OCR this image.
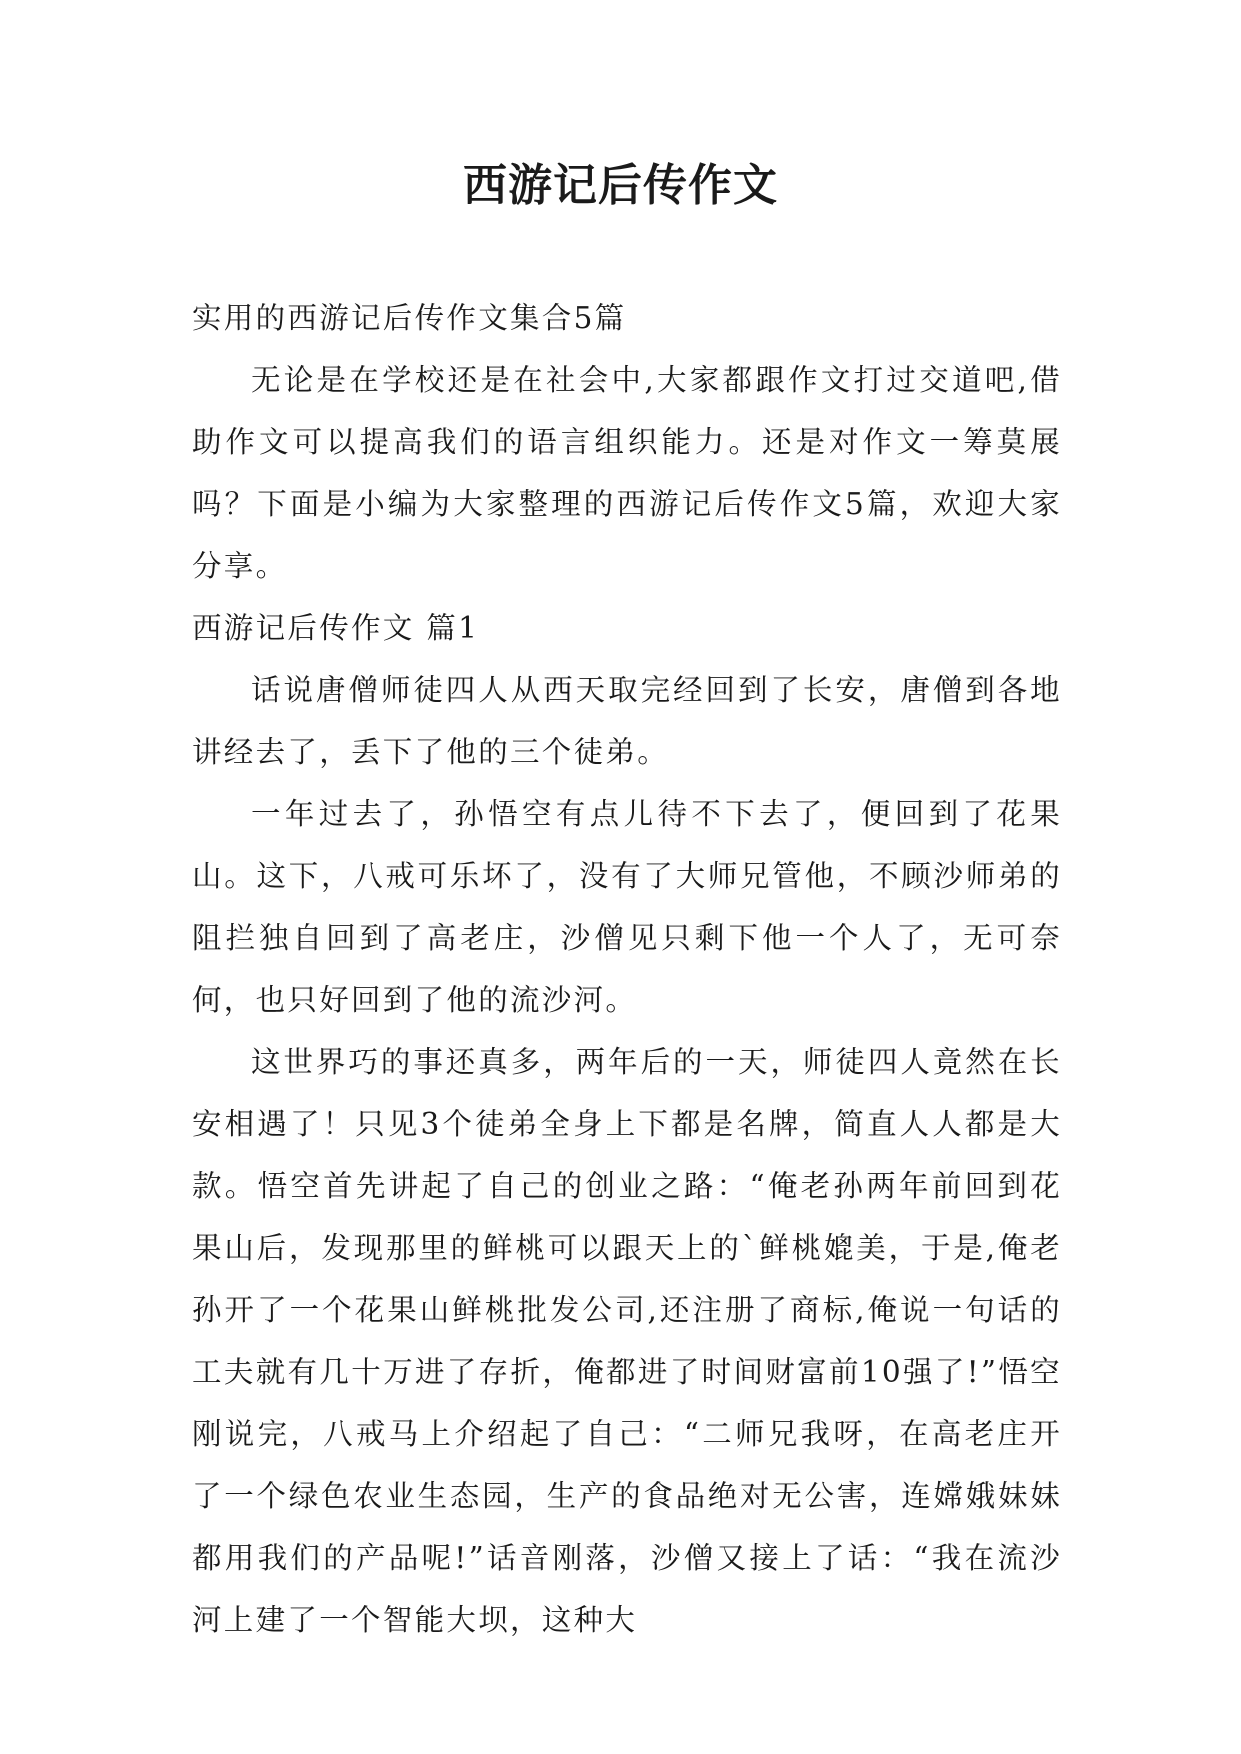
西游记后传作文

实用的西游记后传作文集合5篇

无论是在学校还是在社会中,大家都跟作文打过交道吧,借助作文可以提高我们的语言组织能力。还是对作文一筹莫展吗？下面是小编为大家整理的西游记后传作文5篇，欢迎大家分享。

西游记后传作文 篇1

话说唐僧师徒四人从西天取完经回到了长安，唐僧到各地讲经去了，丢下了他的三个徒弟。

一年过去了，孙悟空有点儿待不下去了，便回到了花果山。这下，八戒可乐坏了，没有了大师兄管他，不顾沙师弟的阻拦独自回到了高老庄，沙僧见只剩下他一个人了，无可奈何，也只好回到了他的流沙河。

这世界巧的事还真多，两年后的一天，师徒四人竟然在长安相遇了！只见3个徒弟全身上下都是名牌，简直人人都是大款。悟空首先讲起了自己的创业之路：“俺老孙两年前回到花果山后，发现那里的鲜桃可以跟天上的`鲜桃媲美，于是,俺老孙开了一个花果山鲜桃批发公司,还注册了商标,俺说一句话的工夫就有几十万进了存折，俺都进了时间财富前10强了!”悟空刚说完，八戒马上介绍起了自己：“二师兄我呀，在高老庄开了一个绿色农业生态园，生产的食品绝对无公害，连嫦娥妹妹都用我们的产品呢!”话音刚落，沙僧又接上了话：“我在流沙河上建了一个智能大坝，这种大
